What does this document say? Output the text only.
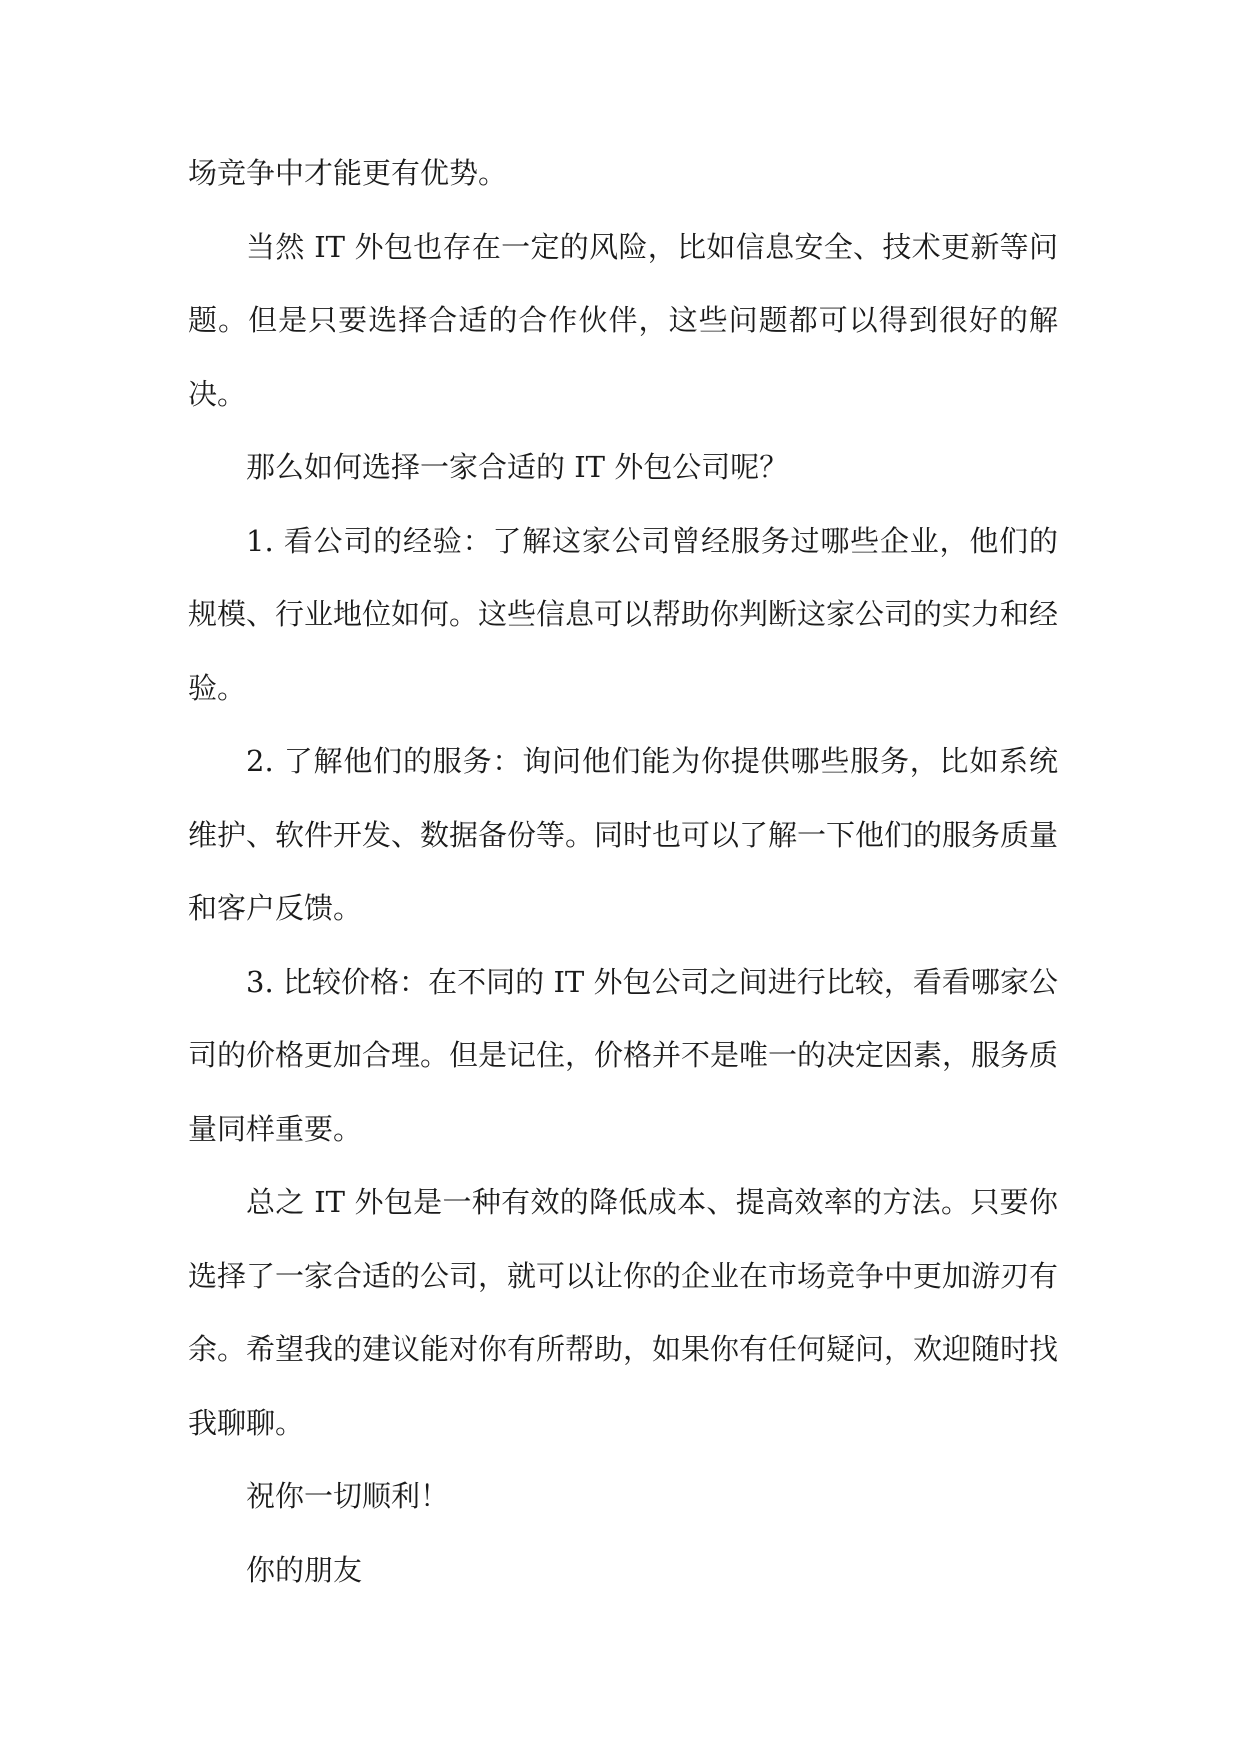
场竞争中才能更有优势。

当然 IT 外包也存在一定的风险，比如信息安全、技术更新等问题。但是只要选择合适的合作伙伴，这些问题都可以得到很好的解决。

那么如何选择一家合适的 IT 外包公司呢？

1. 看公司的经验：了解这家公司曾经服务过哪些企业，他们的规模、行业地位如何。这些信息可以帮助你判断这家公司的实力和经验。

2. 了解他们的服务：询问他们能为你提供哪些服务，比如系统维护、软件开发、数据备份等。同时也可以了解一下他们的服务质量和客户反馈。

3. 比较价格：在不同的 IT 外包公司之间进行比较，看看哪家公司的价格更加合理。但是记住，价格并不是唯一的决定因素，服务质量同样重要。

总之 IT 外包是一种有效的降低成本、提高效率的方法。只要你选择了一家合适的公司，就可以让你的企业在市场竞争中更加游刃有余。希望我的建议能对你有所帮助，如果你有任何疑问，欢迎随时找我聊聊。

祝你一切顺利！

你的朋友
